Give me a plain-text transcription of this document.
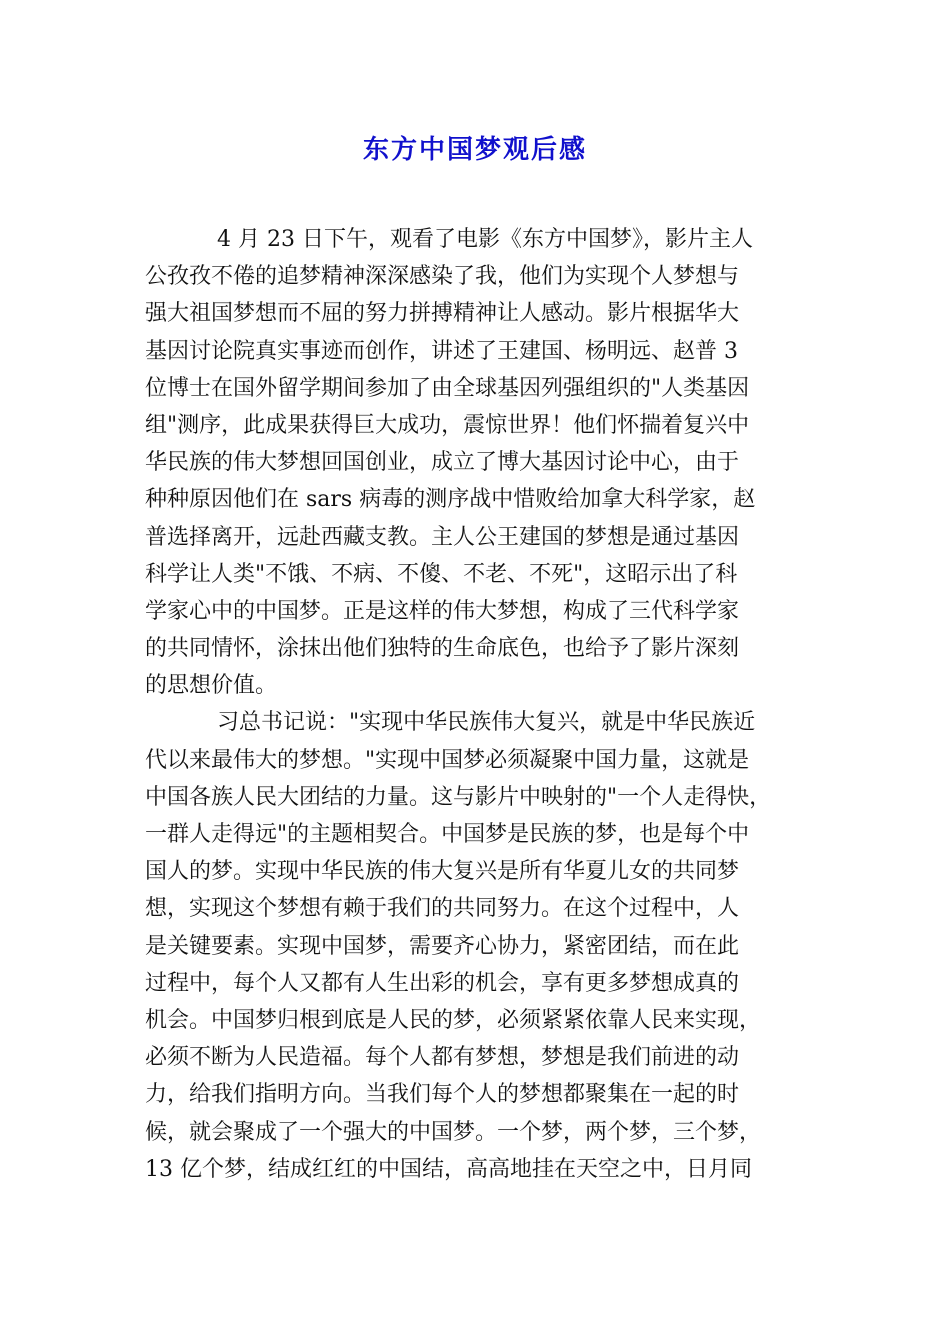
东方中国梦观后感
4 月 23 日下午，观看了电影《东方中国梦》，影片主人
公孜孜不倦的追梦精神深深感染了我，他们为实现个人梦想与
强大祖国梦想而不屈的努力拼搏精神让人感动。影片根据华大
基因讨论院真实事迹而创作，讲述了王建国、杨明远、赵普 3
位博士在国外留学期间参加了由全球基因列强组织的"人类基因
组"测序，此成果获得巨大成功，震惊世界！他们怀揣着复兴中
华民族的伟大梦想回国创业，成立了博大基因讨论中心，由于
种种原因他们在 sars 病毒的测序战中惜败给加拿大科学家，赵
普选择离开，远赴西藏支教。主人公王建国的梦想是通过基因
科学让人类"不饿、不病、不傻、不老、不死"，这昭示出了科
学家心中的中国梦。正是这样的伟大梦想，构成了三代科学家
的共同情怀，涂抹出他们独特的生命底色，也给予了影片深刻
的思想价值。
习总书记说："实现中华民族伟大复兴，就是中华民族近
代以来最伟大的梦想。"实现中国梦必须凝聚中国力量，这就是
中国各族人民大团结的力量。这与影片中映射的"一个人走得快，
一群人走得远"的主题相契合。中国梦是民族的梦，也是每个中
国人的梦。实现中华民族的伟大复兴是所有华夏儿女的共同梦
想，实现这个梦想有赖于我们的共同努力。在这个过程中，人
是关键要素。实现中国梦，需要齐心协力，紧密团结，而在此
过程中，每个人又都有人生出彩的机会，享有更多梦想成真的
机会。中国梦归根到底是人民的梦，必须紧紧依靠人民来实现，
必须不断为人民造福。每个人都有梦想，梦想是我们前进的动
力，给我们指明方向。当我们每个人的梦想都聚集在一起的时
候，就会聚成了一个强大的中国梦。一个梦，两个梦，三个梦，
13 亿个梦，结成红红的中国结，高高地挂在天空之中，日月同
